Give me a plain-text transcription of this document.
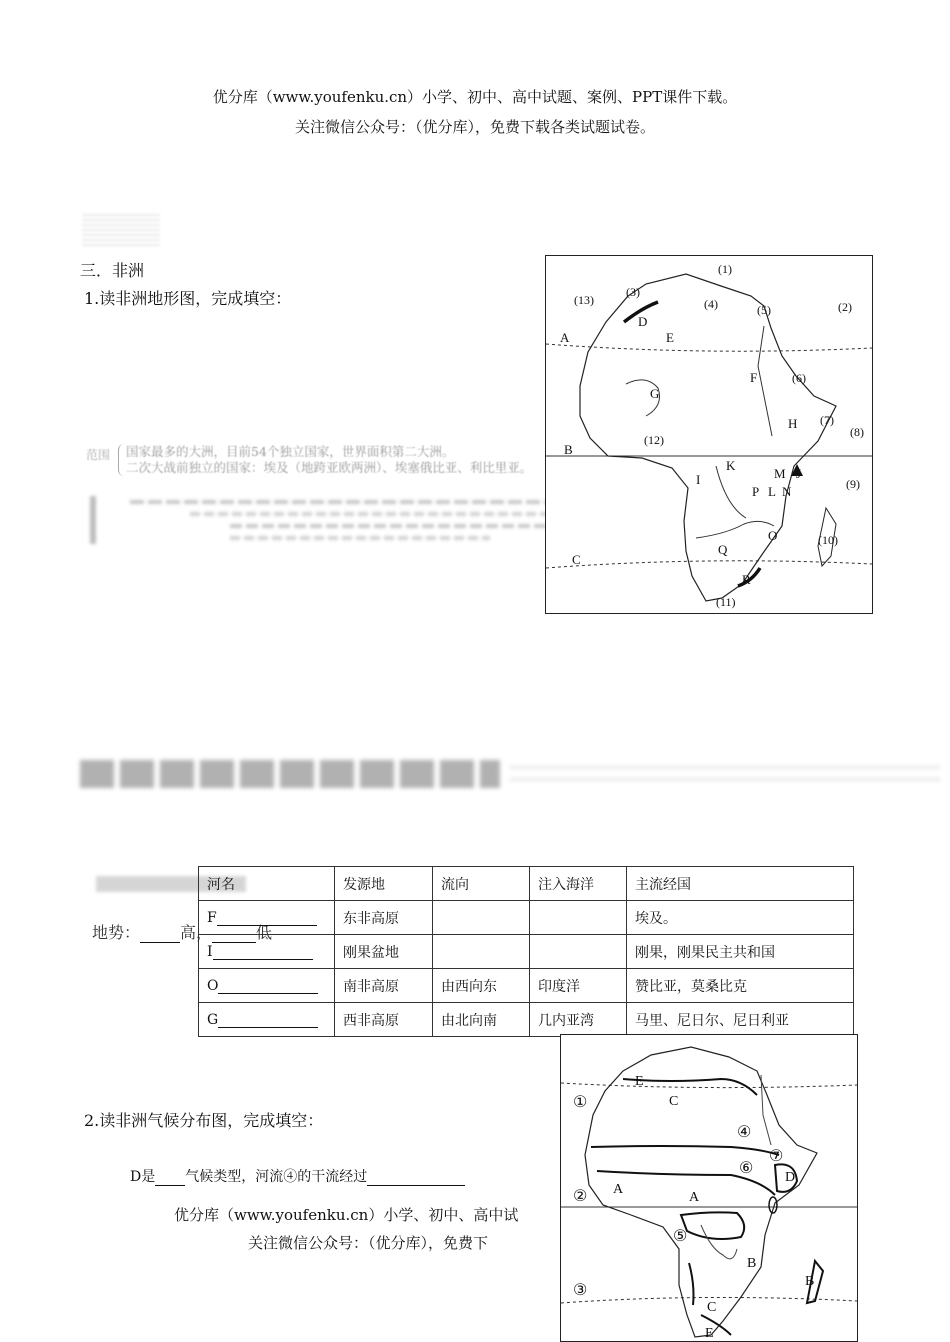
优分库（www.youfenku.cn）小学、初中、高中试题、案例、PPT课件下载。
关注微信公众号：（优分库），免费下载各类试题试卷。
三．非洲
1.读非洲地形图，完成填空：
范围 国家最多的大洲，目前54个独立国家，世界面积第二大洲。
二次大战前独立的国家：埃及（地跨亚欧两洲）、埃塞俄比亚、利比里亚。
(1)
(2)
(3)
(4)	(5)
(6)
(7)
(8)
(9)
(10)
(11)
(12)
(13)
A
B
C
D
E
F
G
H
I	J
K
L
M
N
O
P
Q
R
地势：	高，	低
河名	发源地	流向	注入海洋	主流经国
F	东非高原			埃及。
I	刚果盆地			刚果，刚果民主共和国
O	南非高原	由西向东	印度洋	赞比亚，莫桑比克
G	西非高原	由北向南	几内亚湾	马里、尼日尔、尼日利亚
2.读非洲气候分布图，完成填空：
D是 气候类型，河流④的干流经过
优分库（www.youfenku.cn）小学、初中、高中试
关注微信公众号：（优分库），免费下
①
②
③
④
⑤
⑥
⑦
A
A
B
B
C
C
D
E
E
